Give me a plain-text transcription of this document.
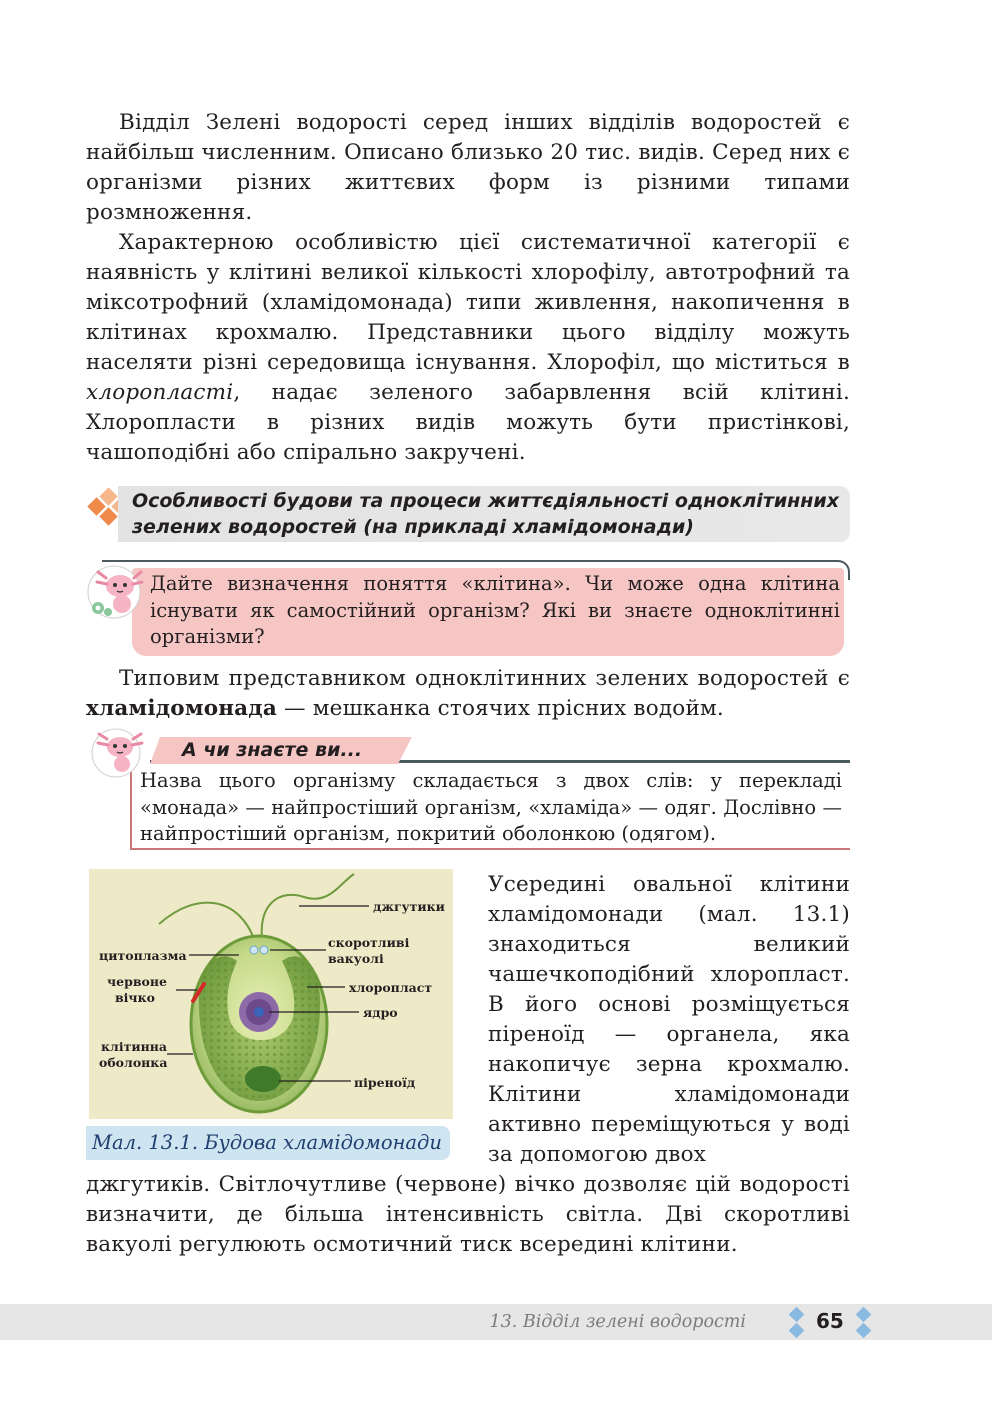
Відділ Зелені водорості серед інших відділів водоростей є найбільш численним. Описано близько 20 тис. видів. Серед них є організми різних життєвих форм із різними типами розмноження.
Характерною особливістю цієї систематичної категорії є наявність у клітині великої кількості хлорофілу, автотрофний та міксотрофний (хламідомонада) типи живлення, накопичення в клітинах крохмалю. Представники цього відділу можуть населяти різні середовища існування. Хлорофіл, що міститься в хлоропласті, надає зеленого забарвлення всій клітині. Хлоропласти в різних видів можуть бути пристінкові, чашоподібні або спірально закручені.
Особливості будови та процеси життєдіяльності одноклітинних зелених водоростей (на прикладі хламідомонади)
Дайте визначення поняття «клітина». Чи може одна клітина існувати як самостійний організм? Які ви знаєте одноклітинні організми?
Типовим представником одноклітинних зелених водоростей є хламідомонада — мешканка стоячих прісних водойм.
А чи знаєте ви...
Назва цього організму складається з двох слів: у перекладі «монада» — найпростіший організм, «хламіда» — одяг. Дослівно — найпростіший організм, покритий оболонкою (одягом).
джгутики
цитоплазма
скоротливі
вакуолі
червоне
вічко
хлоропласт
ядро
клітинна
оболонка
піреноїд
Мал. 13.1. Будова хламідомонади
Усередині овальної клітини хламідомонади (мал. 13.1) знаходиться великий чашечкоподібний хлоропласт. В його основі розміщується піреноїд — органела, яка накопичує зерна крохмалю. Клітини хламідомонади активно переміщуються у воді за допомогою двох
джгутиків. Світлочутливе (червоне) вічко дозволяє цій водорості визначити, де більша інтенсивність світла. Дві скоротливі вакуолі регулюють осмотичний тиск всередині клітини.
13. Відділ зелені водорості	65
